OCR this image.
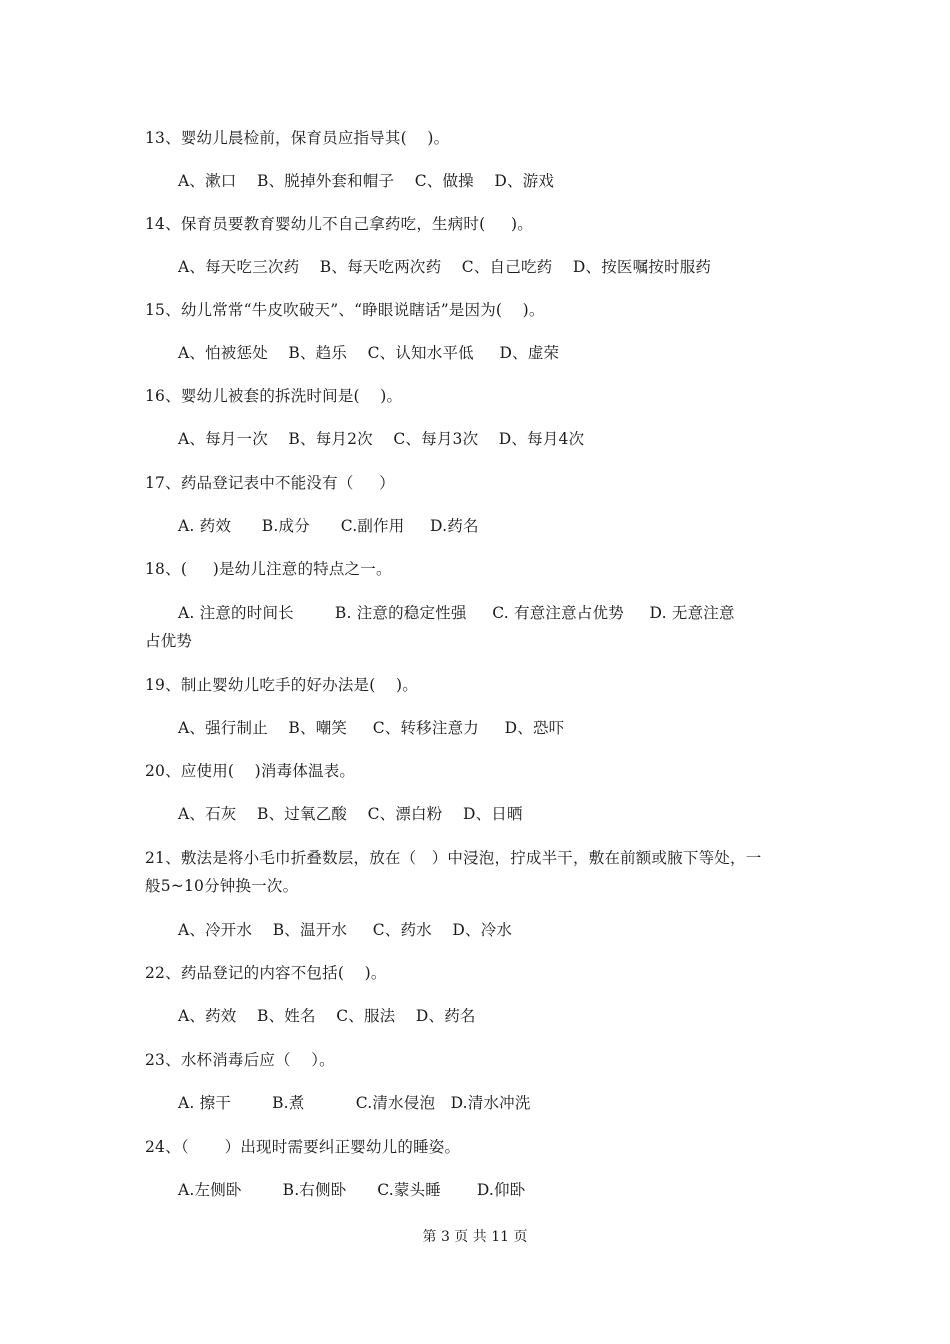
13、婴幼儿晨检前，保育员应指导其(    )。
A、漱口    B、脱掉外套和帽子    C、做操    D、游戏
14、保育员要教育婴幼儿不自己拿药吃，生病时(     )。
A、每天吃三次药    B、每天吃两次药    C、自己吃药    D、按医嘱按时服药
15、幼儿常常“牛皮吹破天”、“睁眼说瞎话”是因为(    )。
A、怕被惩处    B、趋乐    C、认知水平低     D、虚荣
16、婴幼儿被套的拆洗时间是(    )。
A、每月一次    B、每月2次    C、每月3次    D、每月4次
17、药品登记表中不能没有（     ）
A. 药效      B.成分      C.副作用     D.药名
18、(     )是幼儿注意的特点之一。
A. 注意的时间长        B. 注意的稳定性强     C. 有意注意占优势     D. 无意注意
占优势
19、制止婴幼儿吃手的好办法是(    )。
A、强行制止    B、嘲笑     C、转移注意力     D、恐吓
20、应使用(    )消毒体温表。
A、石灰    B、过氧乙酸    C、漂白粉    D、日晒
21、敷法是将小毛巾折叠数层，放在（   ）中浸泡，拧成半干，敷在前额或腋下等处，一
般5~10分钟换一次。
A、冷开水    B、温开水     C、药水    D、冷水
22、药品登记的内容不包括(    )。
A、药效    B、姓名    C、服法    D、药名
23、水杯消毒后应（    ）。
A. 擦干        B.煮          C.清水侵泡   D.清水冲洗
24、（       ）出现时需要纠正婴幼儿的睡姿。
A.左侧卧        B.右侧卧      C.蒙头睡       D.仰卧
第 3 页 共 11 页
